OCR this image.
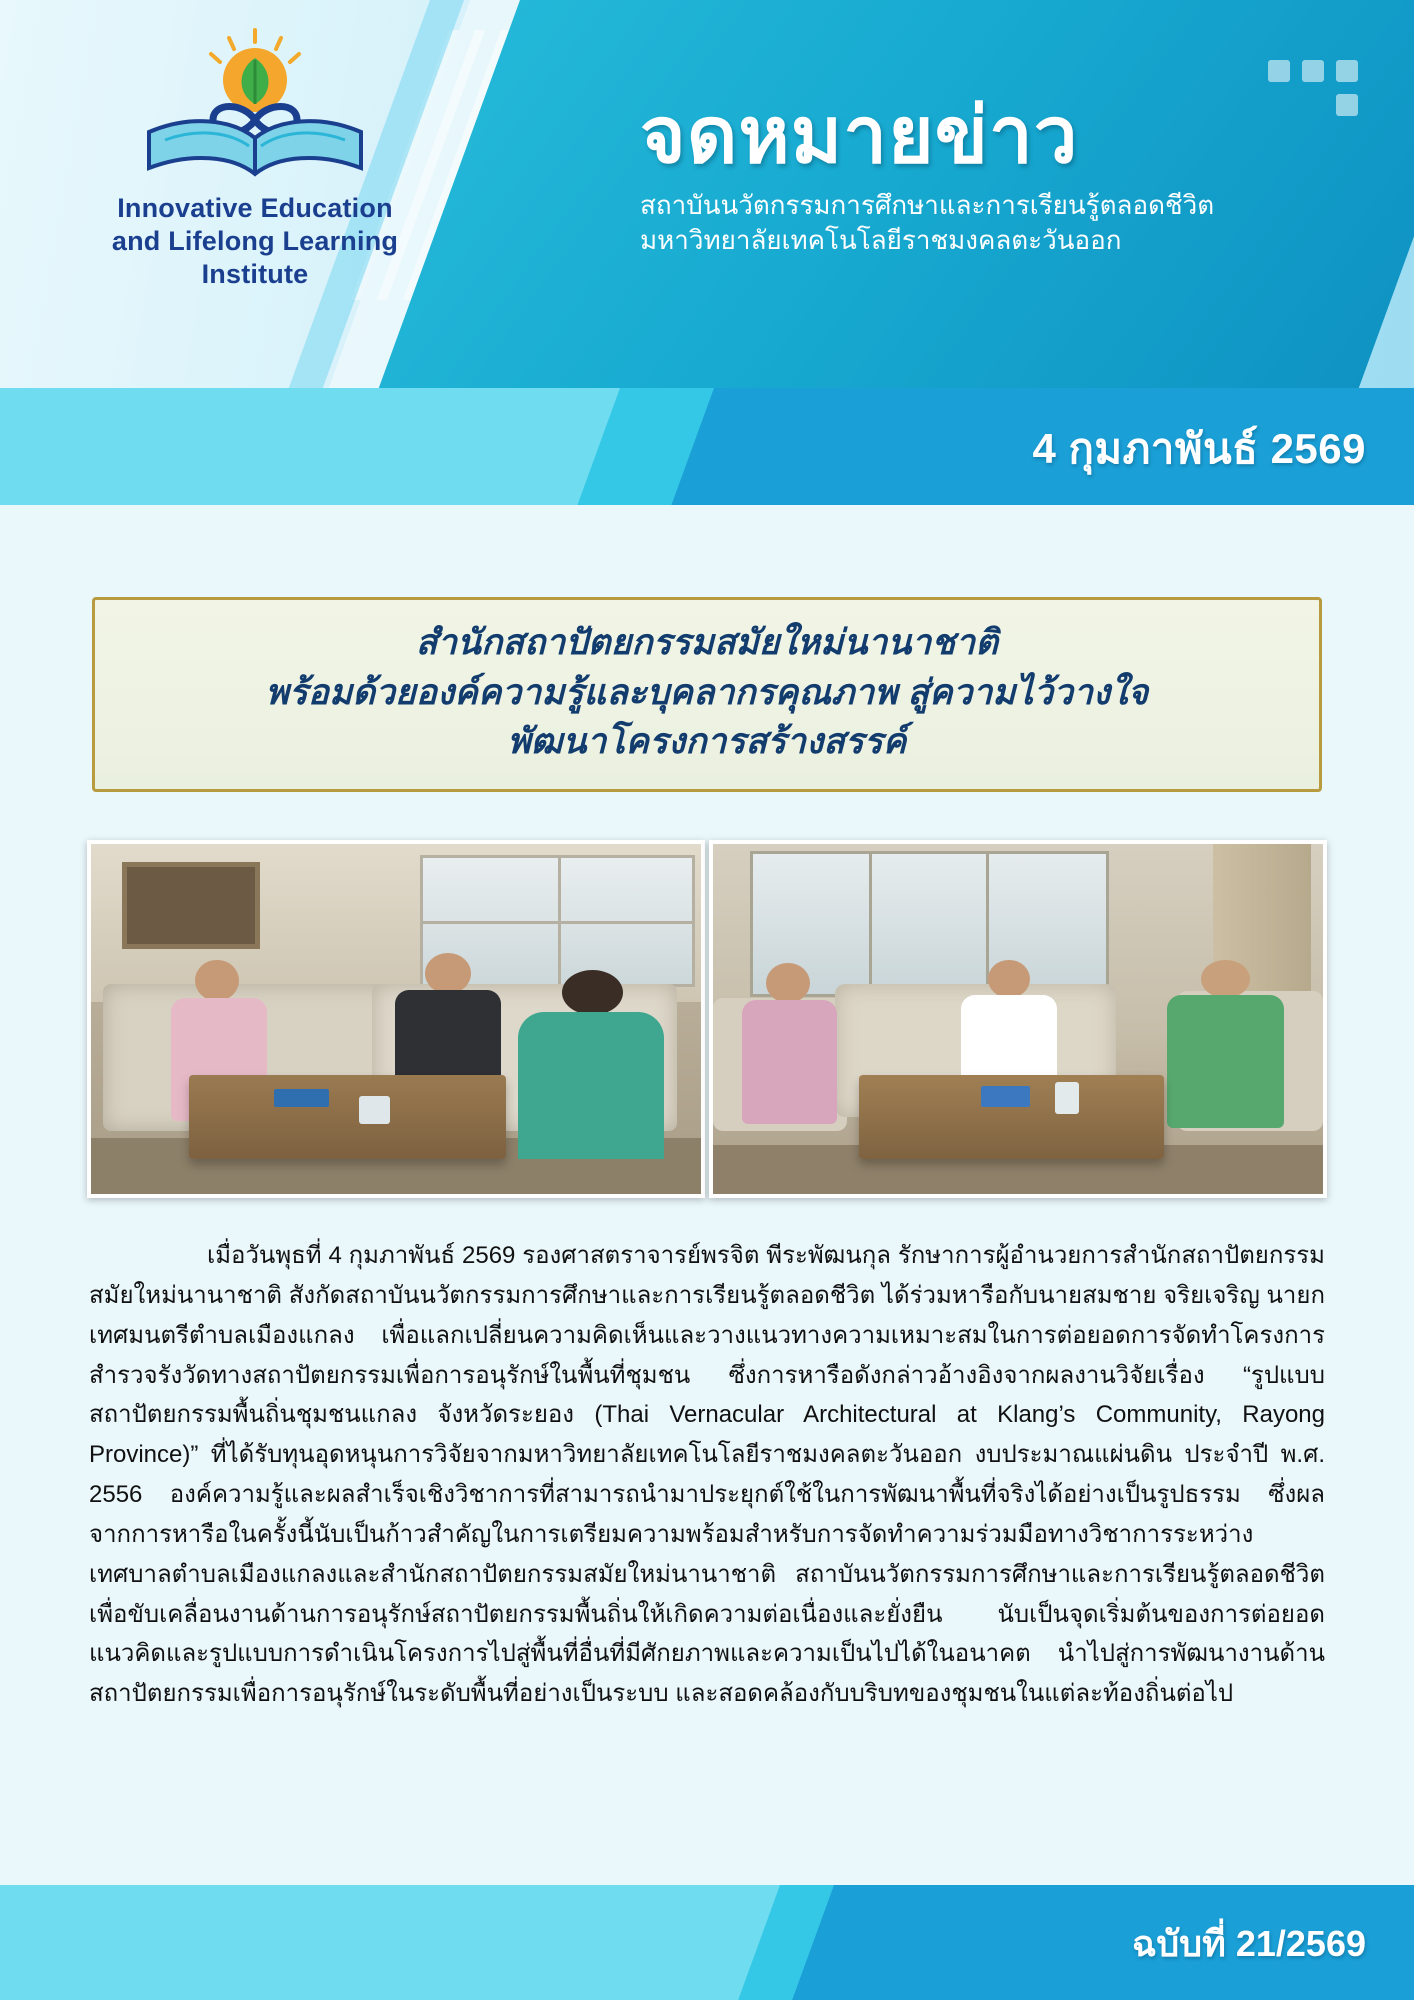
Innovative Education
and Lifelong Learning
Institute
จดหมายข่าว
สถาบันนวัตกรรมการศึกษาและการเรียนรู้ตลอดชีวิต
มหาวิทยาลัยเทคโนโลยีราชมงคลตะวันออก
4 กุมภาพันธ์ 2569
สำนักสถาปัตยกรรมสมัยใหม่นานาชาติ
พร้อมด้วยองค์ความรู้และบุคลากรคุณภาพ สู่ความไว้วางใจ
พัฒนาโครงการสร้างสรรค์

เมื่อวันพุธที่ 4 กุมภาพันธ์ 2569 รองศาสตราจารย์พรจิต พีระพัฒนกุล รักษาการผู้อำนวยการสำนักสถาปัตยกรรมสมัยใหม่นานาชาติ สังกัดสถาบันนวัตกรรมการศึกษาและการเรียนรู้ตลอดชีวิต ได้ร่วมหารือกับนายสมชาย จริยเจริญ นายกเทศมนตรีตำบลเมืองแกลง เพื่อแลกเปลี่ยนความคิดเห็นและวางแนวทางความเหมาะสมในการต่อยอดการจัดทำโครงการสำรวจรังวัดทางสถาปัตยกรรมเพื่อการอนุรักษ์ในพื้นที่ชุมชน ซึ่งการหารือดังกล่าวอ้างอิงจากผลงานวิจัยเรื่อง “รูปแบบสถาปัตยกรรมพื้นถิ่นชุมชนแกลง จังหวัดระยอง (Thai Vernacular Architectural at Klang’s Community, Rayong Province)” ที่ได้รับทุนอุดหนุนการวิจัยจากมหาวิทยาลัยเทคโนโลยีราชมงคลตะวันออก งบประมาณแผ่นดิน ประจำปี พ.ศ. 2556 องค์ความรู้และผลสำเร็จเชิงวิชาการที่สามารถนำมาประยุกต์ใช้ในการพัฒนาพื้นที่จริงได้อย่างเป็นรูปธรรม ซึ่งผลจากการหารือในครั้งนี้นับเป็นก้าวสำคัญในการเตรียมความพร้อมสำหรับการจัดทำความร่วมมือทางวิชาการระหว่างเทศบาลตำบลเมืองแกลงและสำนักสถาปัตยกรรมสมัยใหม่นานาชาติ สถาบันนวัตกรรมการศึกษาและการเรียนรู้ตลอดชีวิต เพื่อขับเคลื่อนงานด้านการอนุรักษ์สถาปัตยกรรมพื้นถิ่นให้เกิดความต่อเนื่องและยั่งยืน นับเป็นจุดเริ่มต้นของการต่อยอดแนวคิดและรูปแบบการดำเนินโครงการไปสู่พื้นที่อื่นที่มีศักยภาพและความเป็นไปได้ในอนาคต นำไปสู่การพัฒนางานด้านสถาปัตยกรรมเพื่อการอนุรักษ์ในระดับพื้นที่อย่างเป็นระบบ และสอดคล้องกับบริบทของชุมชนในแต่ละท้องถิ่นต่อไป

ฉบับที่ 21/2569
